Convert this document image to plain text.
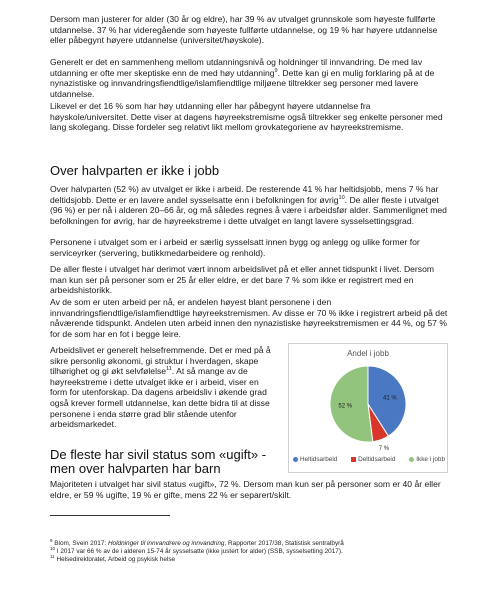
Dersom man justerer for alder (30 år og eldre), har 39 % av utvalget grunnskole som høyeste fullførte utdannelse. 37 % har videregående som høyeste fullførte utdannelse, og 19 % har høyere utdannelse eller påbegynt høyere utdannelse (universitet/høyskole).

Generelt er det en sammenheng mellom utdanningsnivå og holdninger til innvandring. De med lav utdanning er ofte mer skeptiske enn de med høy utdanning$^9$. Dette kan gi en mulig forklaring på at de nynazistiske og innvandringsfiendtlige/islamfiendtlige miljøene tiltrekker seg personer med lavere utdannelse.

Likevel er det 16 % som har høy utdanning eller har påbegynt høyere utdannelse fra høyskole/universitet. Dette viser at dagens høyreekstremisme også tiltrekker seg enkelte personer med lang skolegang. Disse fordeler seg relativt likt mellom grovkategoriene av høyreekstremisme.

Over halvparten er ikke i jobb

Over halvparten (52 %) av utvalget er ikke i arbeid. De resterende 41 % har heltidsjobb, mens 7 % har deltidsjobb. Dette er en lavere andel sysselsatte enn i befolkningen for øvrig$^{10}$. De aller fleste i utvalget (96 %) er per nå i alderen 20–66 år, og må således regnes å være i arbeidsfør alder. Sammenlignet med befolkningen for øvrig, har de høyreekstreme i dette utvalget en langt lavere sysselsettingsgrad.

Personene i utvalget som er i arbeid er særlig sysselsatt innen bygg og anlegg og ulike former for serviceyrker (servering, butikkmedarbeidere og renhold).

De aller fleste i utvalget har derimot vært innom arbeidslivet på et eller annet tidspunkt i livet. Dersom man kun ser på personer som er 25 år eller eldre, er det bare 7 % som ikke er registrert med en arbeidshistorikk.

Av de som er uten arbeid per nå, er andelen høyest blant personene i den innvandringsfiendtlige/islamfiendtlige høyreekstremismen. Av disse er 70 % ikke i registrert arbeid på det nåværende tidspunkt. Andelen uten arbeid innen den nynazistiske høyreekstremismen er 44 %, og 57 % for de som har en fot i begge leire.

Arbeidslivet er generelt helsefremmende. Det er med på å sikre personlig økonomi, gi struktur i hverdagen, skape tilhørighet og gi økt selvfølelse$^{11}$. At så mange av de høyreekstreme i dette utvalget ikke er i arbeid, viser en form for utenforskap. Da dagens arbeidsliv i økende grad også krever formell utdannelse, kan dette bidra til at disse personene i enda større grad blir stående utenfor arbeidsmarkedet.

Andel i jobb
41 %
7 %
52 %
Heltidsarbeid	Deltidsarbeid	Ikke i jobb
De fleste har sivil status som «ugift» - men over halvparten har barn

Majoriteten i utvalget har sivil status «ugift», 72 %. Dersom man kun ser på personer som er 40 år eller eldre, er 59 % ugifte, 19 % er gifte, mens 22 % er separert/skilt.

$^9$ Blom, Svein 2017: Holdninger til innvandrere og innvandring, Rapporter 2017/38, Statistisk sentralbyrå

$^{10}$ I 2017 var 66 % av de i alderen 15-74 år sysselsatte (ikke justert for alder) (SSB, sysselsetting 2017).

$^{11}$ Helsedirektoratet, Arbeid og psykisk helse
